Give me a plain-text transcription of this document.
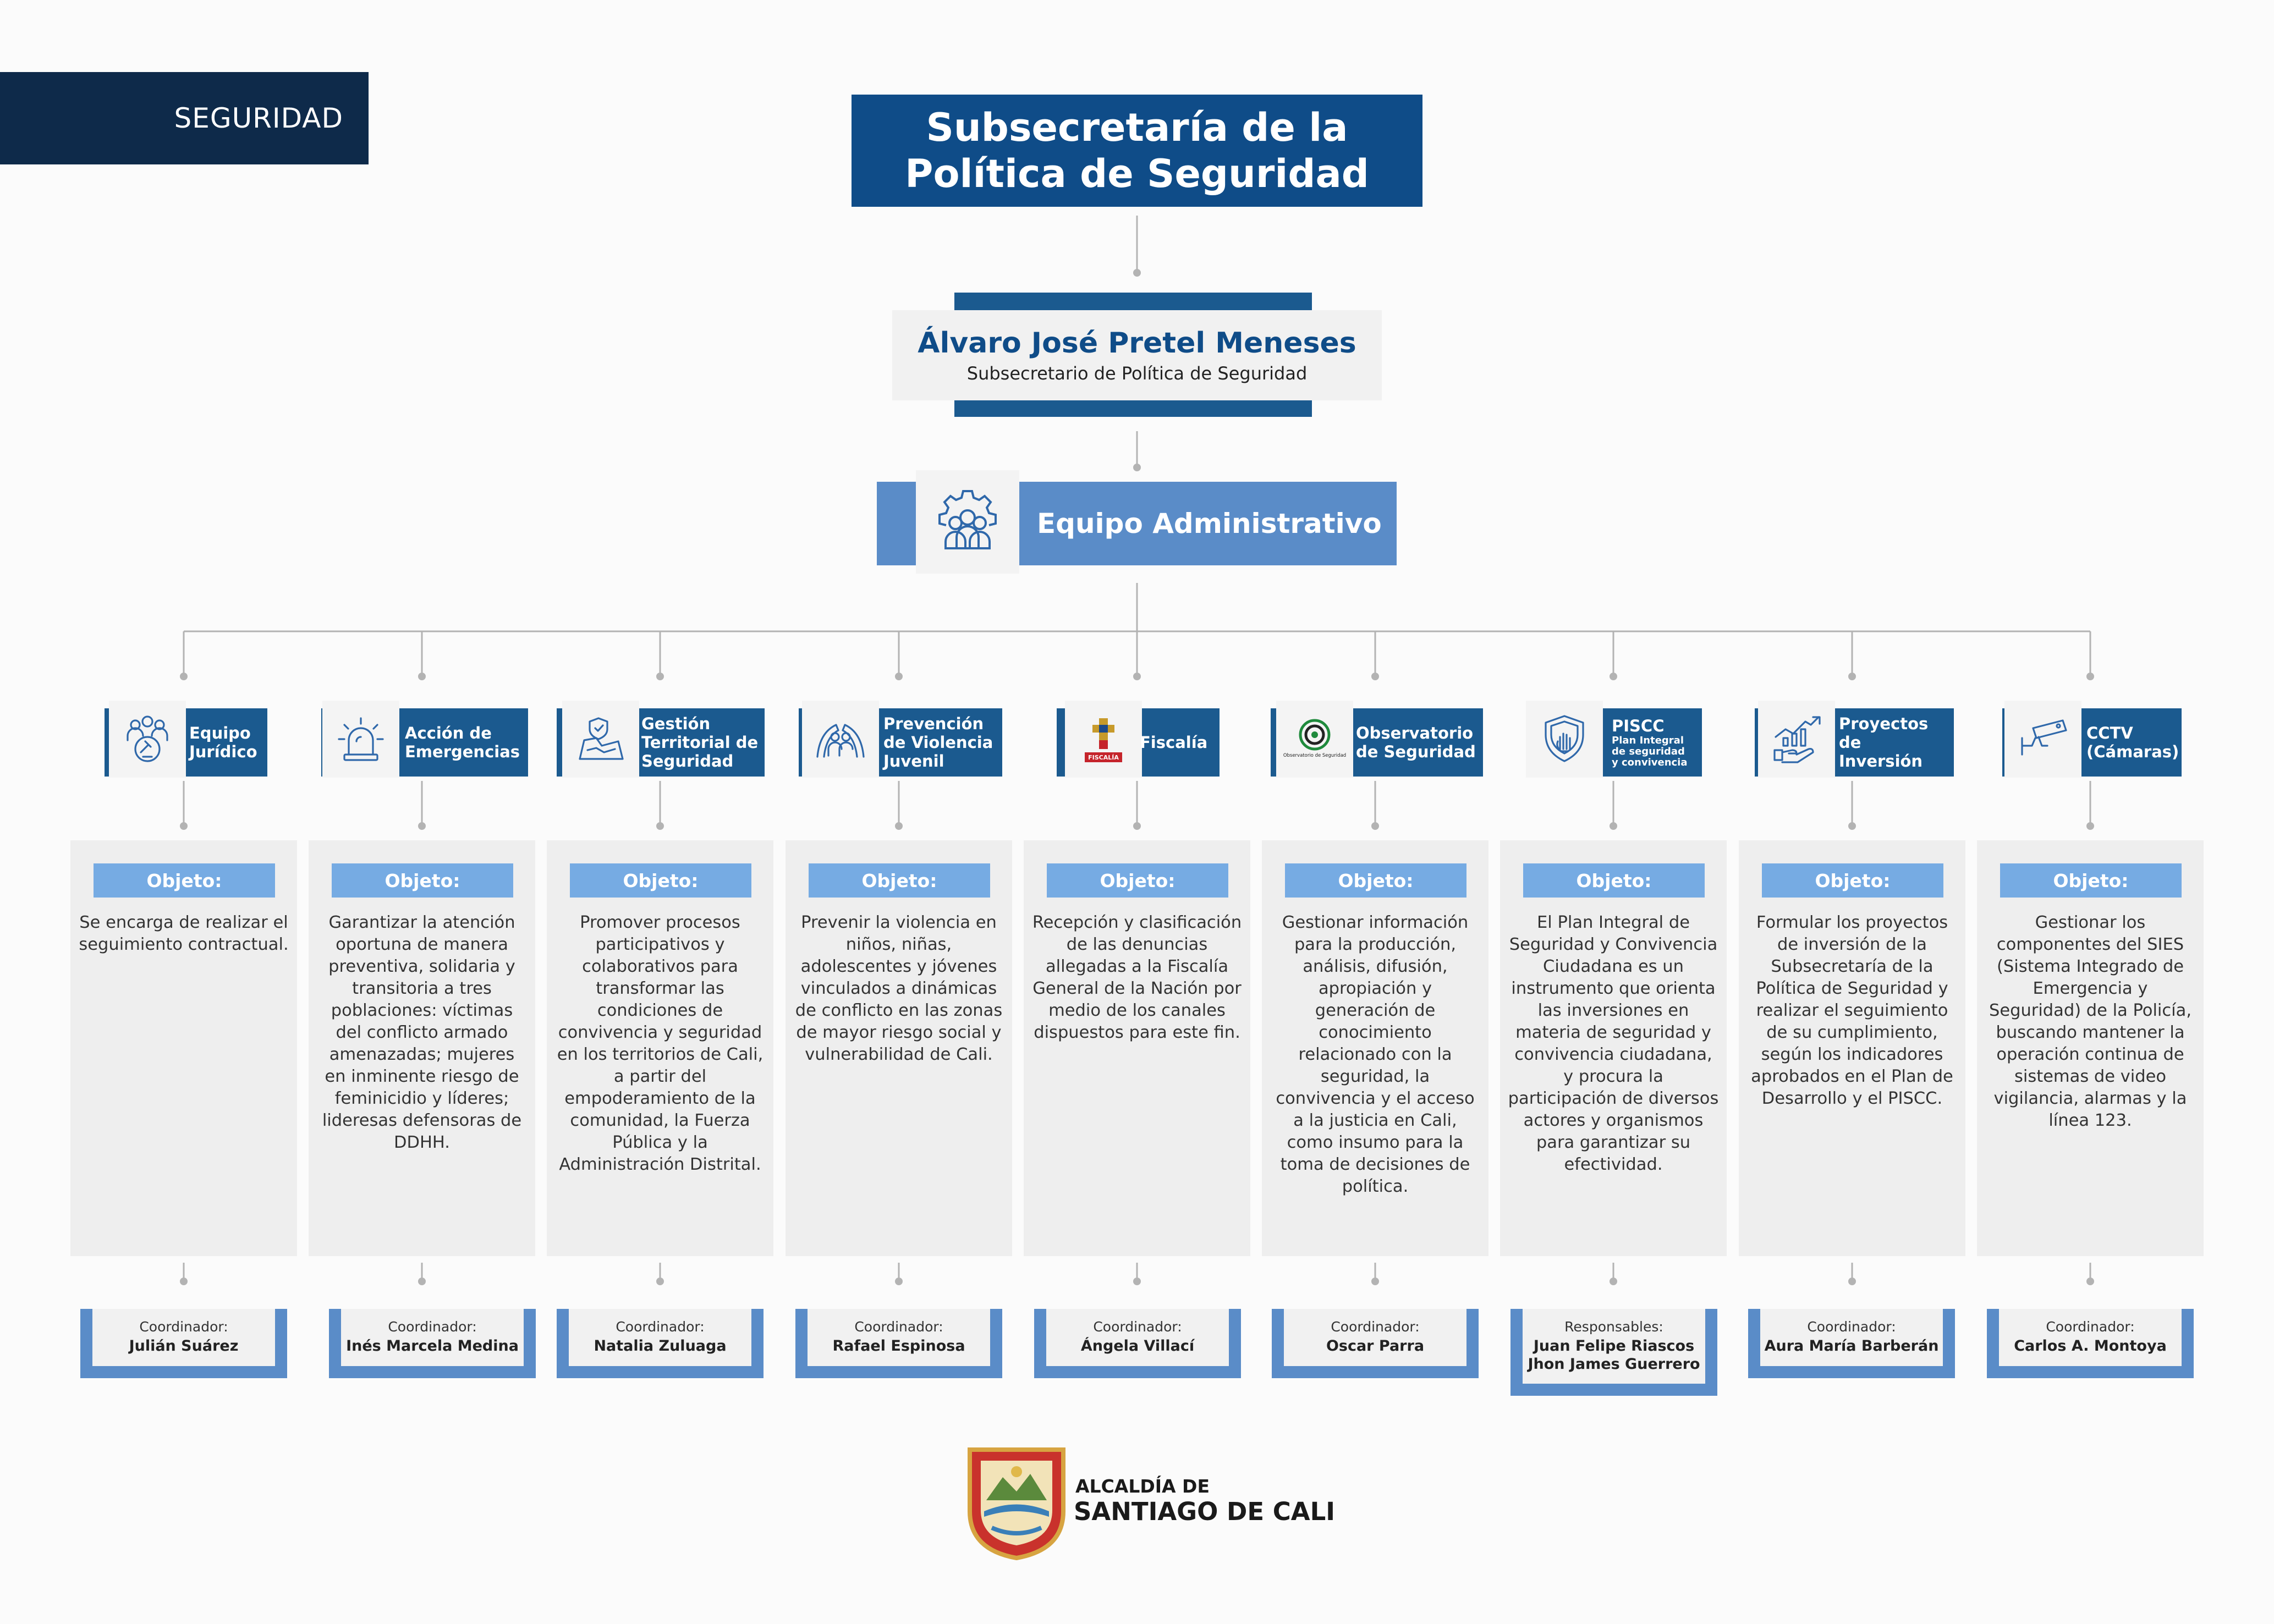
SEGURIDAD	Subsecretaría de la
Política de Seguridad
Álvaro José Pretel Meneses
Subsecretario de Política de Seguridad
Equipo Administrativo
Equipo
Jurídico
Objeto:
Se encarga de realizar el seguimiento contractual.
Coordinador:
Julián Suárez
Acción de
Emergencias
Objeto:
Garantizar la atención oportuna de manera preventiva, solidaria y transitoria a tres poblaciones: víctimas del conflicto armado amenazadas; mujeres en inminente riesgo de feminicidio y líderes; lideresas defensoras de DDHH.
Coordinador:
Inés Marcela Medina
Gestión
Territorial de
Seguridad
Objeto:
Promover procesos participativos y colaborativos para transformar las condiciones de convivencia y seguridad en los territorios de Cali, a partir del empoderamiento de la comunidad, la Fuerza Pública y la Administración Distrital.
Coordinador:
Natalia Zuluaga
Prevención
de Violencia
Juvenil
Objeto:
Prevenir la violencia en niños, niñas, adolescentes y jóvenes vinculados a dinámicas de conflicto en las zonas de mayor riesgo social y vulnerabilidad de Cali.
Coordinador:
Rafael Espinosa
FISCALÍA
Fiscalía
Objeto:
Recepción y clasificación de las denuncias allegadas a la Fiscalía General de la Nación por medio de los canales dispuestos para este fin.
Coordinador:
Ángela Villací
Observatorio de Seguridad
Observatorio
de Seguridad
Objeto:
Gestionar información para la producción, análisis, difusión, apropiación y generación de conocimiento relacionado con la seguridad, la convivencia y el acceso a la justicia en Cali, como insumo para la toma de decisiones de política.
Coordinador:
Oscar Parra
PISCC
Plan Integral
de seguridad
y convivencia
Objeto:
El Plan Integral de Seguridad y Convivencia Ciudadana es un instrumento que orienta las inversiones en materia de seguridad y convivencia ciudadana, y procura la participación de diversos actores y organismos para garantizar su efectividad.
Responsables:
Juan Felipe Riascos
Jhon James Guerrero
Proyectos
de Inversión
Objeto:
Formular los proyectos de inversión de la Subsecretaría de la Política de Seguridad y realizar el seguimiento de su cumplimiento, según los indicadores aprobados en el Plan de Desarrollo y el PISCC.
Coordinador:
Aura María Barberán
CCTV
(Cámaras)
Objeto:
Gestionar los componentes del SIES (Sistema Integrado de Emergencia y Seguridad) de la Policía, buscando mantener la operación continua de sistemas de video vigilancia, alarmas y la línea 123.
Coordinador:
Carlos A. Montoya
ALCALDÍA DE
SANTIAGO DE CALI
